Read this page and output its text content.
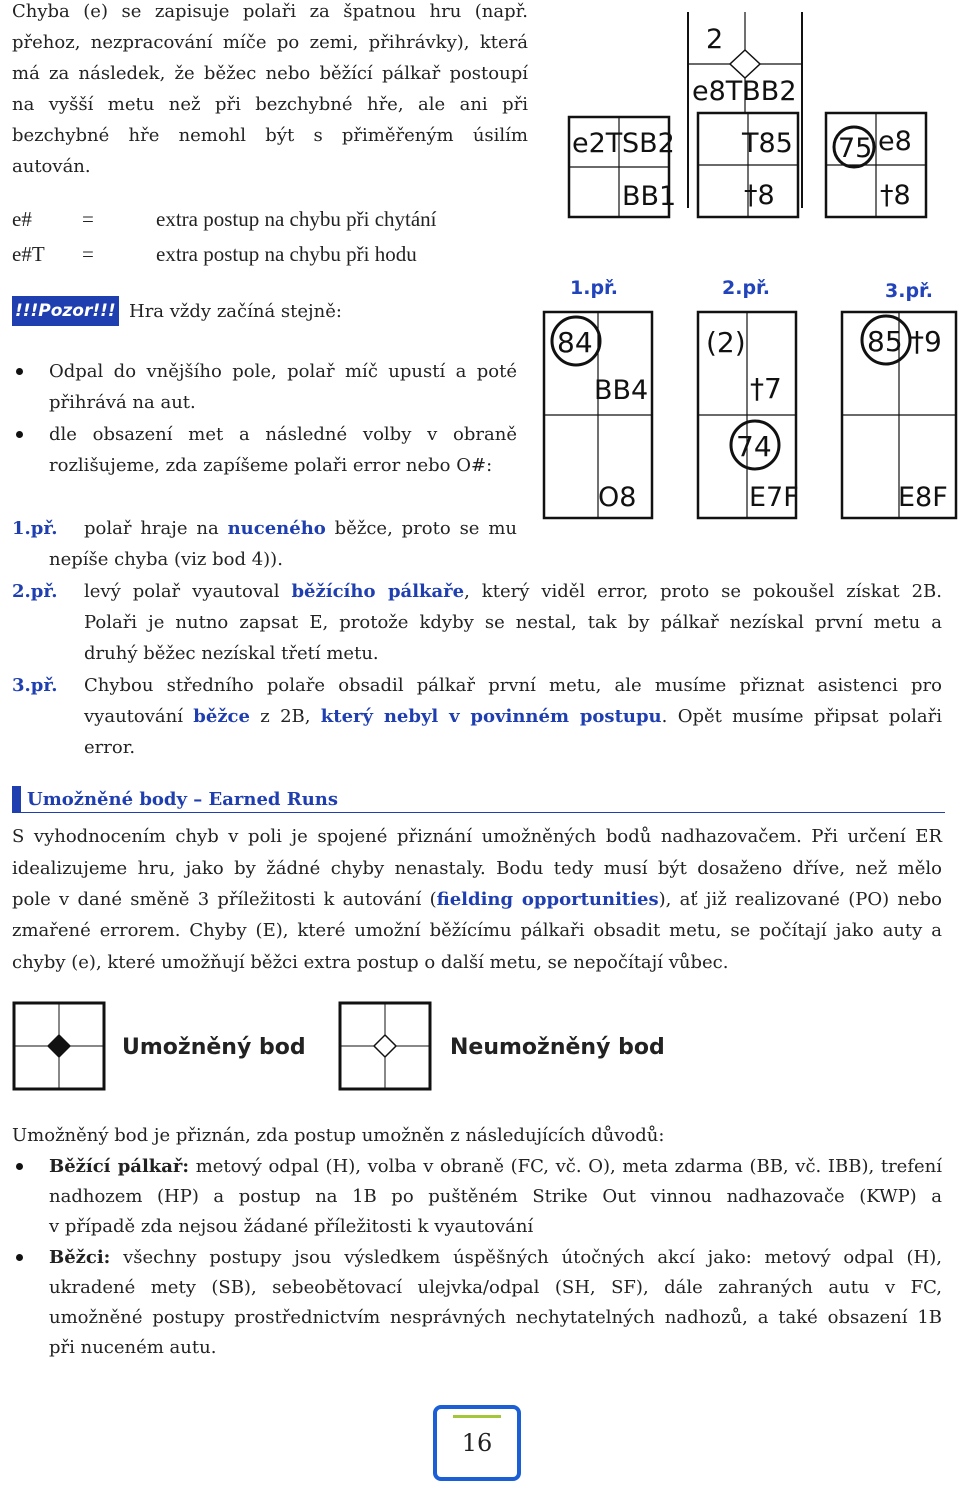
Chyba (e) se zapisuje polaři za špatnou hru (např.
přehoz, nezpracování míče po zemi, přihrávky), která
má za následek, že běžec nebo běžící pálkař postoupí
na vyšší metu než při bezchybné hře, ale ani při
bezchybné hře nemohl být s přiměřeným úsilím
autován.
e# =	extra postup na chybu při chytání
e#T =	extra postup na chybu při hodu
!!!Pozor!!! Hra vždy začíná stejně:
Odpal do vnějšího pole, polař míč upustí a poté
přihrává na aut.
dle obsazení met a následné volby v obraně
rozlišujeme, zda zapíšeme polaři error nebo O#:
1.př. polař hraje na nuceného běžce, proto se mu
nepíše chyba (viz bod 4)).
2.př. levý polař vyautoval běžícího pálkaře, který viděl error, proto se pokoušel získat 2B.
Polaři je nutno zapsat E, protože kdyby se nestal, tak by pálkař nezískal první metu a
druhý běžec nezískal třetí metu.
3.př. Chybou středního polaře obsadil pálkař první metu, ale musíme přiznat asistenci pro
vyautování běžce z 2B, který nebyl v povinném postupu. Opět musíme připsat polaři
error.
Umožněné body – Earned Runs
S vyhodnocením chyb v poli je spojené přiznání umožněných bodů nadhazovačem. Při určení ER
idealizujeme hru, jako by žádné chyby nenastaly. Bodu tedy musí být dosaženo dříve, než mělo
pole v dané směně 3 příležitosti k autování (fielding opportunities), ať již realizované (PO) nebo
zmařené errorem. Chyby (E), které umožní běžícímu pálkaři obsadit metu, se počítají jako auty a
chyby (e), které umožňují běžci extra postup o další metu, se nepočítají vůbec.
Umožněný bod	Neumožněný bod
Umožněný bod je přiznán, zda postup umožněn z následujících důvodů:
Běžící pálkař: metový odpal (H), volba v obraně (FC, vč. O), meta zdarma (BB, vč. IBB), trefení
nadhozem (HP) a postup na 1B po puštěném Strike Out vinnou nadhazovače (KWP) a
v případě zda nejsou žádané příležitosti k vyautování
Běžci: všechny postupy jsou výsledkem úspěšných útočných akcí jako: metový odpal (H),
ukradené mety (SB), sebeobětovací ulejvka/odpal (SH, SF), dále zahraných autu v FC,
umožněné postupy prostřednictvím nesprávných nechytatelných nadhozů, a také obsazení 1B
při nuceném autu.
2
e8TBB2
e2T SB2
BB1
T85
†8
75 e8
†8
1.př.	2.př.	3.př.
84
BB4
O8
(2)
†7
74
E7F
85 †9
E8F
16
